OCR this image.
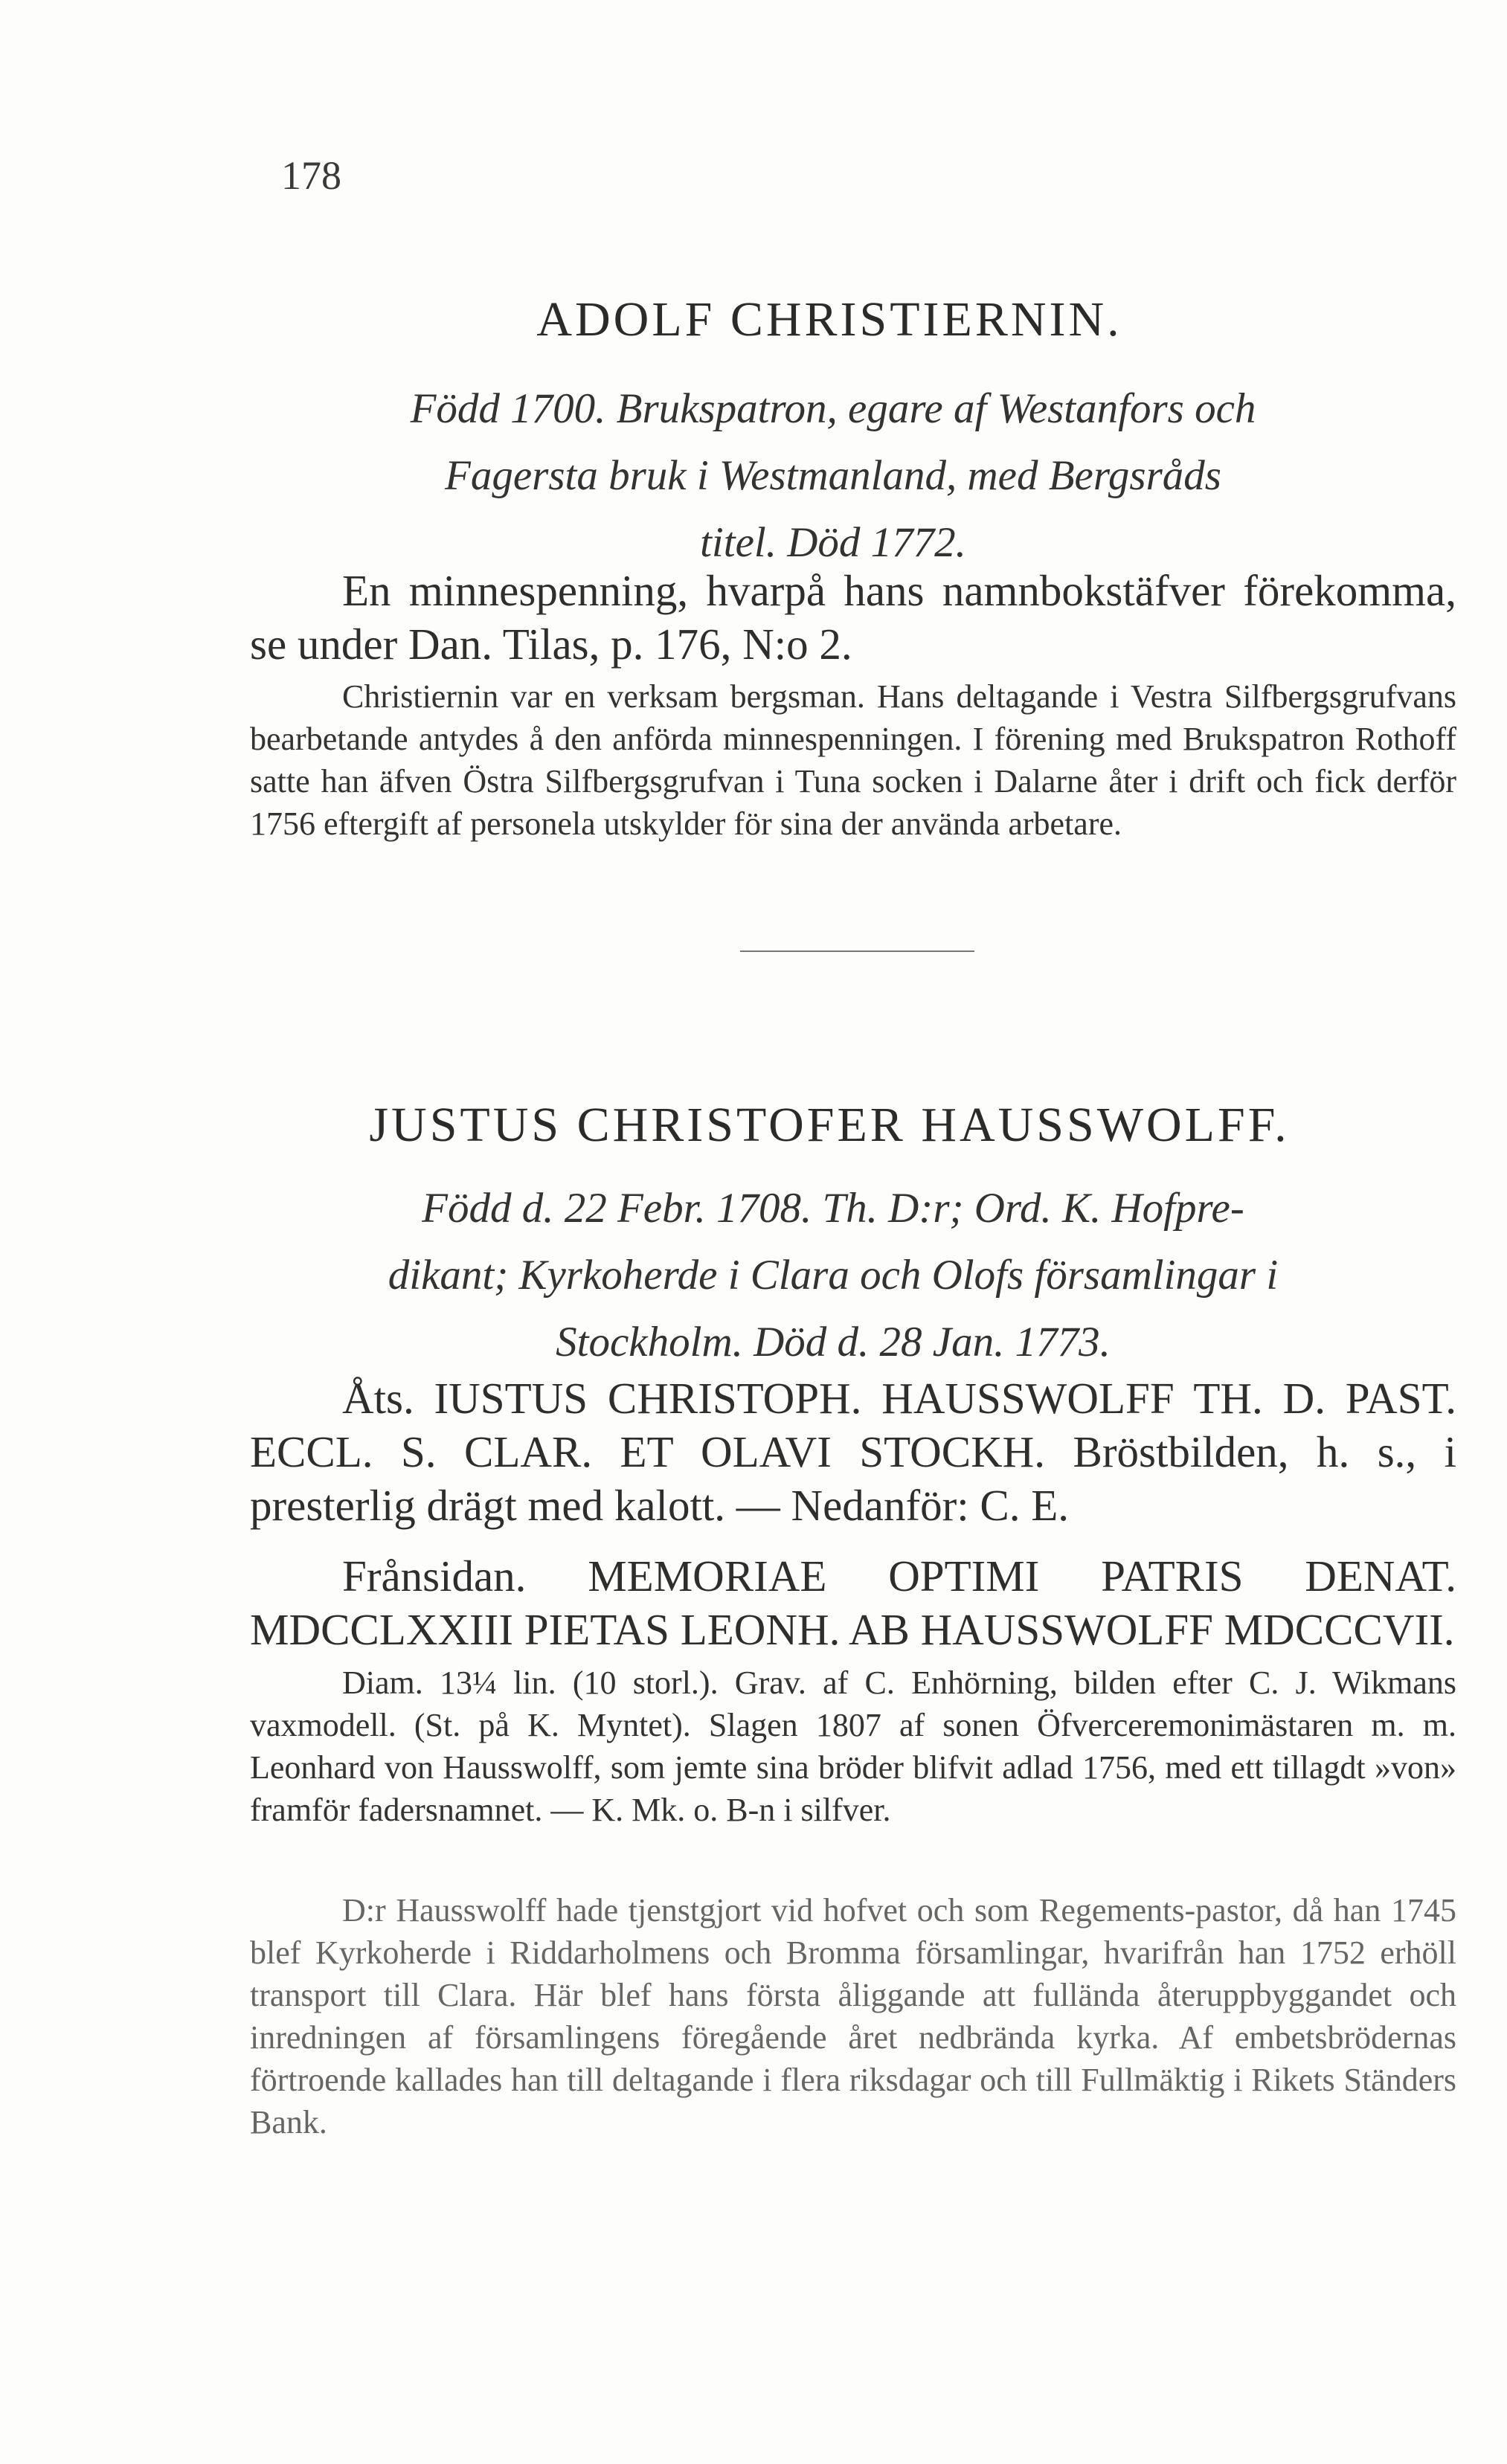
178
ADOLF CHRISTIERNIN.
Född 1700. Brukspatron, egare af Westanfors och
Fagersta bruk i Westmanland, med Bergsråds
titel. Död 1772.
En minnespenning, hvarpå hans namnbokstäfver förekomma, se under Dan. Tilas, p. 176, N:o 2.
Christiernin var en verksam bergsman. Hans deltagande i Vestra Silfbergsgrufvans bearbetande antydes å den anförda minnespenningen. I förening med Brukspatron Rothoff satte han äfven Östra Silfbergsgrufvan i Tuna socken i Dalarne åter i drift och fick derför 1756 eftergift af personela utskylder för sina der använda arbetare.
JUSTUS CHRISTOFER HAUSSWOLFF.
Född d. 22 Febr. 1708. Th. D:r; Ord. K. Hofpre-
dikant; Kyrkoherde i Clara och Olofs församlingar i
Stockholm. Död d. 28 Jan. 1773.
Åts. IUSTUS CHRISTOPH. HAUSSWOLFF TH. D. PAST. ECCL. S. CLAR. ET OLAVI STOCKH. Bröstbilden, h. s., i presterlig drägt med kalott. — Nedanför: C. E.
Frånsidan. MEMORIAE OPTIMI PATRIS DENAT. MDCCLXXIII PIETAS LEONH. AB HAUSSWOLFF MDCCCVII.
Diam. 13¼ lin. (10 storl.). Grav. af C. Enhörning, bilden efter C. J. Wikmans vaxmodell. (St. på K. Myntet). Slagen 1807 af sonen Öfverceremonimästaren m. m. Leonhard von Hausswolff, som jemte sina bröder blifvit adlad 1756, med ett tillagdt »von» framför fadersnamnet. — K. Mk. o. B-n i silfver.
D:r Hausswolff hade tjenstgjort vid hofvet och som Regements-pastor, då han 1745 blef Kyrkoherde i Riddarholmens och Bromma församlingar, hvarifrån han 1752 erhöll transport till Clara. Här blef hans första åliggande att fullända återuppbyggandet och inredningen af församlingens föregående året nedbrända kyrka. Af embetsbrödernas förtroende kallades han till deltagande i flera riksdagar och till Fullmäktig i Rikets Ständers Bank.
